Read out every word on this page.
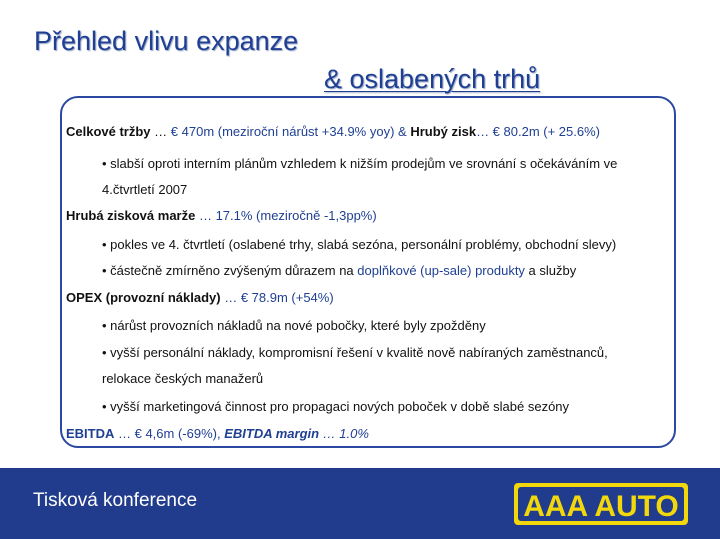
Přehled vlivu expanze
& oslabených trhů
Celkové tržby … € 470m (meziroční nárůst +34.9% yoy) & Hrubý zisk… € 80.2m (+ 25.6%)
• slabší oproti interním plánům vzhledem k nižším prodejům ve srovnání s očekáváním ve
4.čtvrtletí 2007
Hrubá zisková marže … 17.1% (meziročně -1,3pp%)
• pokles ve 4. čtvrtletí (oslabené trhy, slabá sezóna, personální problémy, obchodní slevy)
• částečně zmírněno zvýšeným důrazem na doplňkové (up-sale) produkty a služby
OPEX (provozní náklady) … € 78.9m (+54%)
• nárůst provozních nákladů na nové pobočky, které byly zpožděny
• vyšší personální náklady, kompromisní řešení v kvalitě nově nabíraných zaměstnanců,
relokace českých manažerů
• vyšší marketingová činnost pro propagaci nových poboček v době slabé sezóny
EBITDA … € 4,6m (-69%), EBITDA margin … 1.0%
Tisková konference	AAA AUTO
